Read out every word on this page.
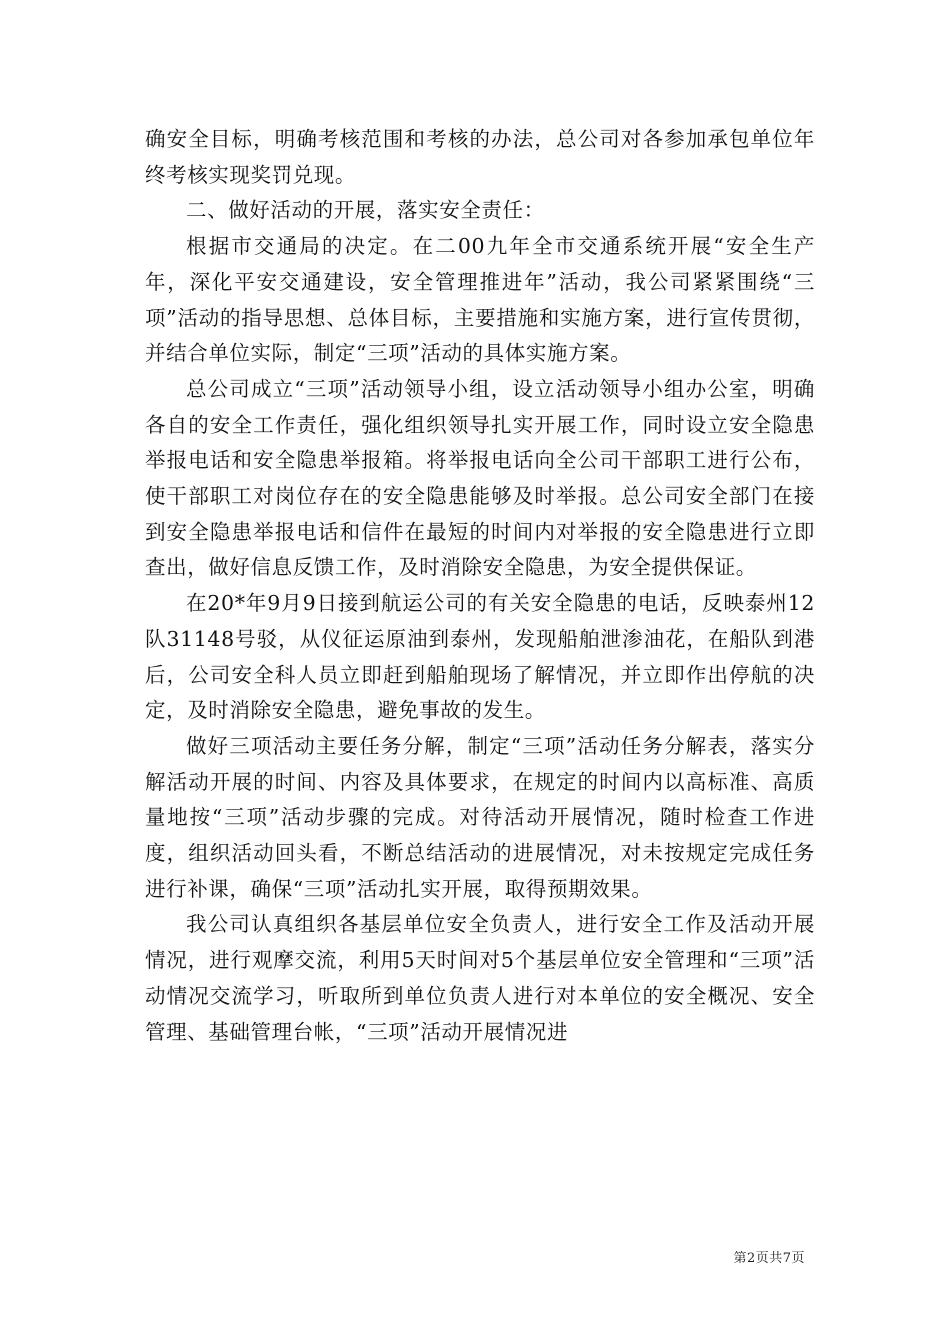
确安全目标，明确考核范围和考核的办法，总公司对各参加承包单位年终考核实现奖罚兑现。

二、做好活动的开展，落实安全责任：

根据市交通局的决定。在二00九年全市交通系统开展“安全生产年，深化平安交通建设，安全管理推进年”活动，我公司紧紧围绕“三项”活动的指导思想、总体目标，主要措施和实施方案，进行宣传贯彻，并结合单位实际，制定“三项”活动的具体实施方案。

总公司成立“三项”活动领导小组，设立活动领导小组办公室，明确各自的安全工作责任，强化组织领导扎实开展工作，同时设立安全隐患举报电话和安全隐患举报箱。将举报电话向全公司干部职工进行公布，使干部职工对岗位存在的安全隐患能够及时举报。总公司安全部门在接到安全隐患举报电话和信件在最短的时间内对举报的安全隐患进行立即查出，做好信息反馈工作，及时消除安全隐患，为安全提供保证。

在20*年9月9日接到航运公司的有关安全隐患的电话，反映泰州12队31148号驳，从仪征运原油到泰州，发现船舶泄渗油花，在船队到港后，公司安全科人员立即赶到船舶现场了解情况，并立即作出停航的决定，及时消除安全隐患，避免事故的发生。

做好三项活动主要任务分解，制定“三项”活动任务分解表，落实分解活动开展的时间、内容及具体要求，在规定的时间内以高标准、高质量地按“三项”活动步骤的完成。对待活动开展情况，随时检查工作进度，组织活动回头看，不断总结活动的进展情况，对未按规定完成任务进行补课，确保“三项”活动扎实开展，取得预期效果。

我公司认真组织各基层单位安全负责人，进行安全工作及活动开展情况，进行观摩交流，利用5天时间对5个基层单位安全管理和“三项”活动情况交流学习，听取所到单位负责人进行对本单位的安全概况、安全管理、基础管理台帐，“三项”活动开展情况进

第2页共7页
